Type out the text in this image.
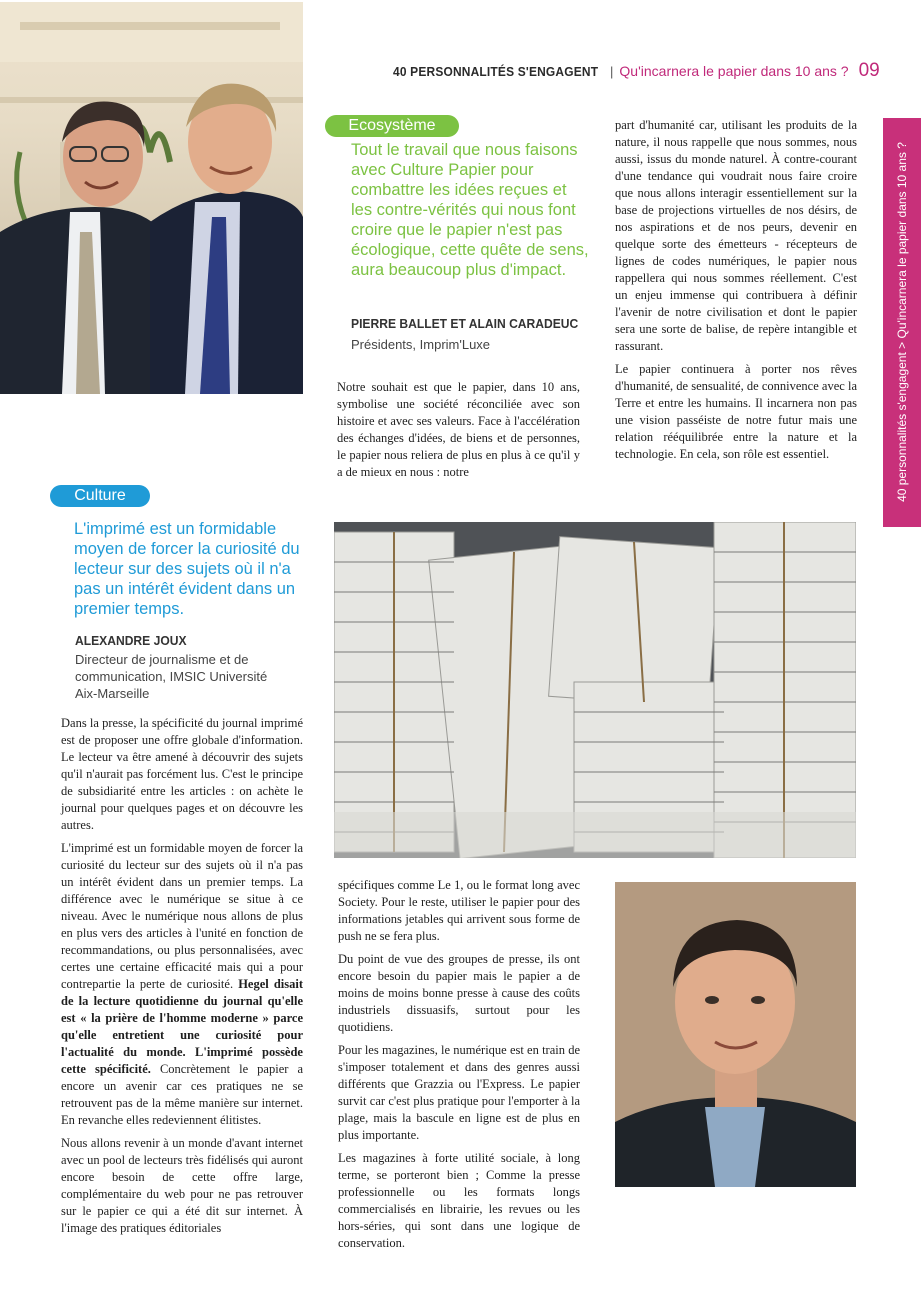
40 PERSONNALITÉS S'ENGAGENT | Qu'incarnera le papier dans 10 ans ? 09
40 personnalités s'engagent > Qu'incarnera le papier dans 10 ans ?
Ecosystème
Tout le travail que nous faisons avec Culture Papier pour combattre les idées reçues et les contre-vérités qui nous font croire que le papier n'est pas écologique, cette quête de sens, aura beaucoup plus d'impact.
PIERRE BALLET ET ALAIN CARADEUC
Présidents, Imprim'Luxe

Notre souhait est que le papier, dans 10 ans, symbolise une société réconciliée avec son histoire et avec ses valeurs. Face à l'accélération des échanges d'idées, de biens et de personnes, le papier nous reliera de plus en plus à ce qu'il y a de mieux en nous : notre

part d'humanité car, utilisant les produits de la nature, il nous rappelle que nous sommes, nous aussi, issus du monde naturel. À contre-courant d'une tendance qui voudrait nous faire croire que nous allons interagir essentiellement sur la base de projections virtuelles de nos désirs, de nos aspirations et de nos peurs, devenir en quelque sorte des émetteurs - récepteurs de lignes de codes numériques, le papier nous rappellera qui nous sommes réellement. C'est un enjeu immense qui contribuera à définir l'avenir de notre civilisation et dont le papier sera une sorte de balise, de repère intangible et rassurant.

Le papier continuera à porter nos rêves d'humanité, de sensualité, de connivence avec la Terre et entre les humains. Il incarnera non pas une vision passéiste de notre futur mais une relation rééquilibrée entre la nature et la technologie. En cela, son rôle est essentiel.

Culture
L'imprimé est un formidable moyen de forcer la curiosité du lecteur sur des sujets où il n'a pas un intérêt évident dans un premier temps.
ALEXANDRE JOUX
Directeur de journalisme et de communication, IMSIC Université Aix-Marseille

Dans la presse, la spécificité du journal imprimé est de proposer une offre globale d'information. Le lecteur va être amené à découvrir des sujets qu'il n'aurait pas forcément lus. C'est le principe de subsidiarité entre les articles : on achète le journal pour quelques pages et on découvre les autres.

L'imprimé est un formidable moyen de forcer la curiosité du lecteur sur des sujets où il n'a pas un intérêt évident dans un premier temps. La différence avec le numérique se situe à ce niveau. Avec le numérique nous allons de plus en plus vers des articles à l'unité en fonction de recommandations, ou plus personnalisées, avec certes une certaine efficacité mais qui a pour contrepartie la perte de curiosité. Hegel disait de la lecture quotidienne du journal qu'elle est « la prière de l'homme moderne » parce qu'elle entretient une curiosité pour l'actualité du monde. L'imprimé possède cette spécificité. Concrètement le papier a encore un avenir car ces pratiques ne se retrouvent pas de la même manière sur internet. En revanche elles redeviennent élitistes.

Nous allons revenir à un monde d'avant internet avec un pool de lecteurs très fidélisés qui auront encore besoin de cette offre large, complémentaire du web pour ne pas retrouver sur le papier ce qui a été dit sur internet. À l'image des pratiques éditoriales

spécifiques comme Le 1, ou le format long avec Society. Pour le reste, utiliser le papier pour des informations jetables qui arrivent sous forme de push ne se fera plus.

Du point de vue des groupes de presse, ils ont encore besoin du papier mais le papier a de moins de moins bonne presse à cause des coûts industriels dissuasifs, surtout pour les quotidiens.

Pour les magazines, le numérique est en train de s'imposer totalement et dans des genres aussi différents que Grazzia ou l'Express. Le papier survit car c'est plus pratique pour l'emporter à la plage, mais la bascule en ligne est de plus en plus importante.

Les magazines à forte utilité sociale, à long terme, se porteront bien ; Comme la presse professionnelle ou les formats longs commercialisés en librairie, les revues ou les hors-séries, qui sont dans une logique de conservation.
